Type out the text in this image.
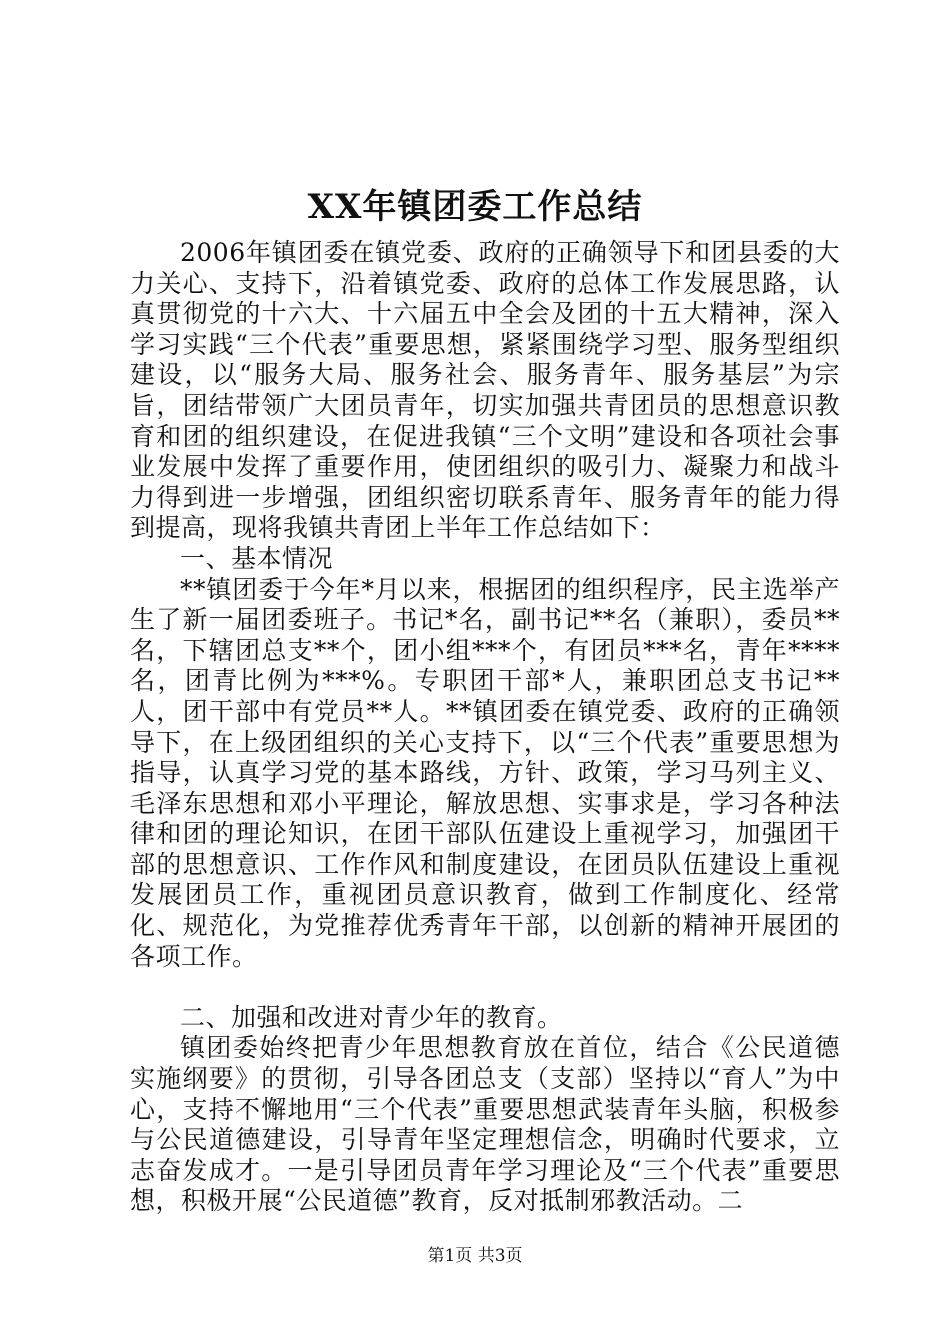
XX年镇团委工作总结

2006年镇团委在镇党委、政府的正确领导下和团县委的大力关心、支持下，沿着镇党委、政府的总体工作发展思路，认真贯彻党的十六大、十六届五中全会及团的十五大精神，深入学习实践“三个代表”重要思想，紧紧围绕学习型、服务型组织建设，以“服务大局、服务社会、服务青年、服务基层”为宗旨，团结带领广大团员青年，切实加强共青团员的思想意识教育和团的组织建设，在促进我镇“三个文明”建设和各项社会事业发展中发挥了重要作用，使团组织的吸引力、凝聚力和战斗力得到进一步增强，团组织密切联系青年、服务青年的能力得到提高，现将我镇共青团上半年工作总结如下：

一、基本情况

**镇团委于今年*月以来，根据团的组织程序，民主选举产生了新一届团委班子。书记*名，副书记**名（兼职），委员**名，下辖团总支**个，团小组***个，有团员***名，青年****名，团青比例为***%。专职团干部*人，兼职团总支书记**人，团干部中有党员**人。**镇团委在镇党委、政府的正确领导下，在上级团组织的关心支持下，以“三个代表”重要思想为指导，认真学习党的基本路线，方针、政策，学习马列主义、毛泽东思想和邓小平理论，解放思想、实事求是，学习各种法律和团的理论知识，在团干部队伍建设上重视学习，加强团干部的思想意识、工作作风和制度建设，在团员队伍建设上重视发展团员工作，重视团员意识教育，做到工作制度化、经常化、规范化，为党推荐优秀青年干部，以创新的精神开展团的各项工作。

二、加强和改进对青少年的教育。

镇团委始终把青少年思想教育放在首位，结合《公民道德实施纲要》的贯彻，引导各团总支（支部）坚持以“育人”为中心，支持不懈地用“三个代表”重要思想武装青年头脑，积极参与公民道德建设，引导青年坚定理想信念，明确时代要求，立志奋发成才。一是引导团员青年学习理论及“三个代表”重要思想，积极开展“公民道德”教育，反对抵制邪教活动。二

第1页 共3页
